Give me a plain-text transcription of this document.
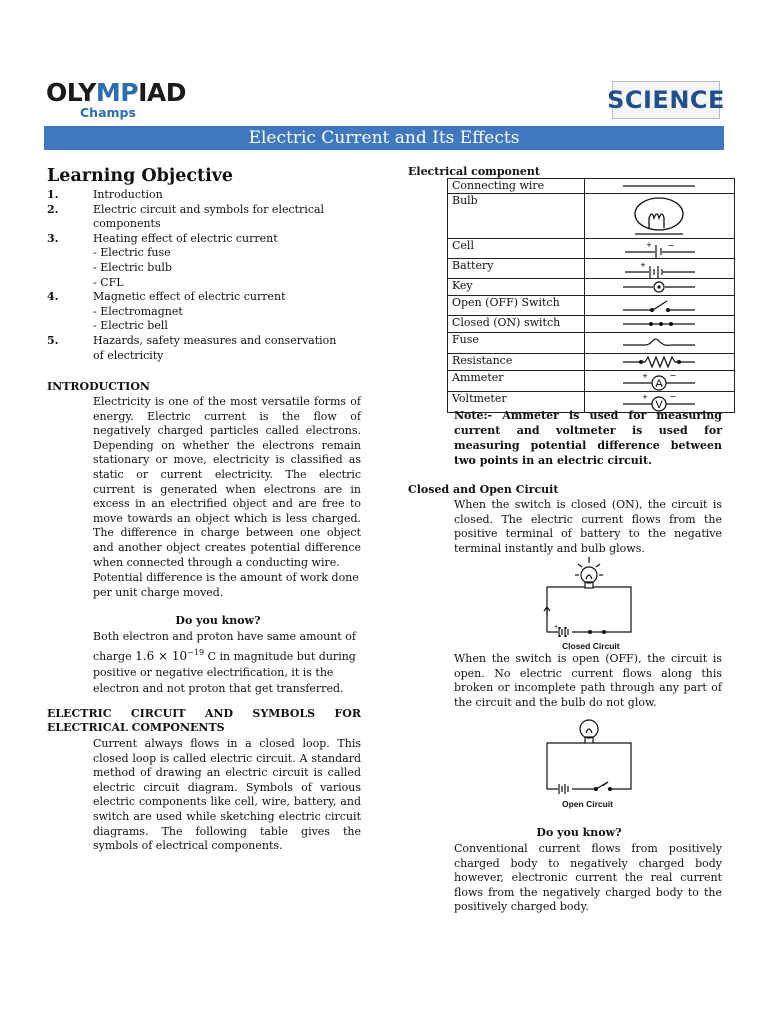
OLYMPIAD
Champs	SCIENCE
Electric Current and Its Effects
Learning Objective
1.	Introduction
2.	Electric circuit and symbols for electrical components
3.	Heating effect of electric current
- Electric fuse
- Electric bulb
- CFL
4.	Magnetic effect of electric current
- Electromagnet
- Electric bell
5.	Hazards, safety measures and conservation of electricity
INTRODUCTION
Electricity is one of the most versatile forms of energy. Electric current is the flow of negatively charged particles called electrons. Depending on whether the electrons remain stationary or move, electricity is classified as static or current electricity. The electric current is generated when electrons are in excess in an electrified object and are free to move towards an object which is less charged. The difference in charge between one object and another object creates potential difference when connected through a conducting wire.
Potential difference is the amount of work done per unit charge moved.
Do you know?
Both electron and proton have same amount of charge $1.6 \times 10^{-19}$ C in magnitude but during positive or negative electrification, it is the electron and not proton that get transferred.
ELECTRIC CIRCUIT AND SYMBOLS FOR ELECTRICAL COMPONENTS
Current always flows in a closed loop. This closed loop is called electric circuit. A standard method of drawing an electric circuit is called electric circuit diagram. Symbols of various electric components like cell, wire, battery, and switch are used while sketching electric circuit diagrams. The following table gives the symbols of electrical components.
Electrical component
Connecting wire	

Bulb	

Cell	+ −

Battery	+

Key	

Open (OFF) Switch	

Closed (ON) switch	

Fuse	

Resistance	

Ammeter	A
+ −

Voltmeter	V
+ −
Note:- Ammeter is used for measuring current and voltmeter is used for measuring potential difference between two points in an electric circuit.
Closed and Open Circuit
When the switch is closed (ON), the circuit is closed. The electric current flows from the positive terminal of battery to the negative terminal instantly and bulb glows.
+
Closed Circuit
When the switch is open (OFF), the circuit is open. No electric current flows along this broken or incomplete path through any part of the circuit and the bulb do not glow.
Open Circuit
Do you know?
Conventional current flows from positively charged body to negatively charged body however, electronic current the real current flows from the negatively charged body to the positively charged body.
